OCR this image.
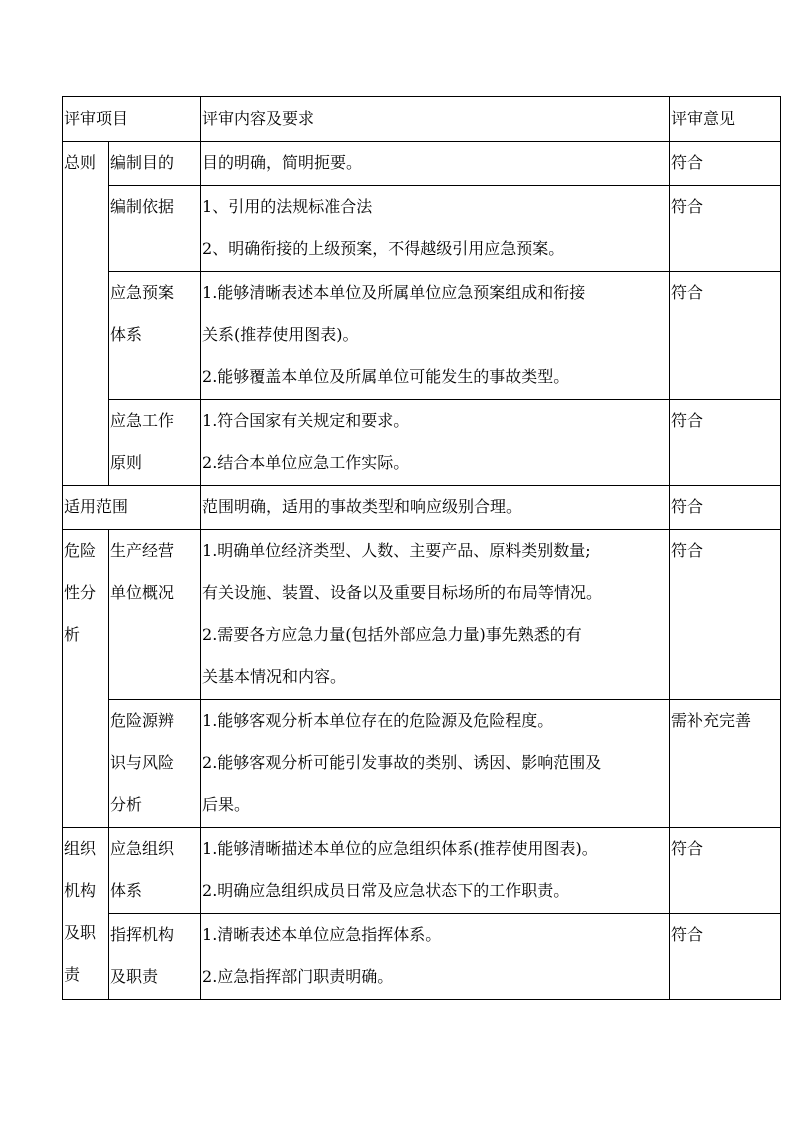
评审项目		评审内容及要求	评审意见

总则	编制目的	目的明确，简明扼要。	符合

	编制依据	1、引用的法规标准合法
2、明确衔接的上级预案，不得越级引用应急预案。	符合

	应急预案
体系	1.能够清晰表述本单位及所属单位应急预案组成和衔接
关系(推荐使用图表)。
2.能够覆盖本单位及所属单位可能发生的事故类型。	符合

	应急工作
原则	1.符合国家有关规定和要求。
2.结合本单位应急工作实际。	符合

适用范围		范围明确，适用的事故类型和响应级别合理。	符合

危险
性分
析	生产经营
单位概况	1.明确单位经济类型、人数、主要产品、原料类别数量;
有关设施、装置、设备以及重要目标场所的布局等情况。
2.需要各方应急力量(包括外部应急力量)事先熟悉的有
关基本情况和内容。	符合

	危险源辨
识与风险
分析	1.能够客观分析本单位存在的危险源及危险程度。
2.能够客观分析可能引发事故的类别、诱因、影响范围及
后果。	需补充完善

组织
机构
及职
责	应急组织
体系	1.能够清晰描述本单位的应急组织体系(推荐使用图表)。
2.明确应急组织成员日常及应急状态下的工作职责。	符合

	指挥机构
及职责	1.清晰表述本单位应急指挥体系。
2.应急指挥部门职责明确。	符合
